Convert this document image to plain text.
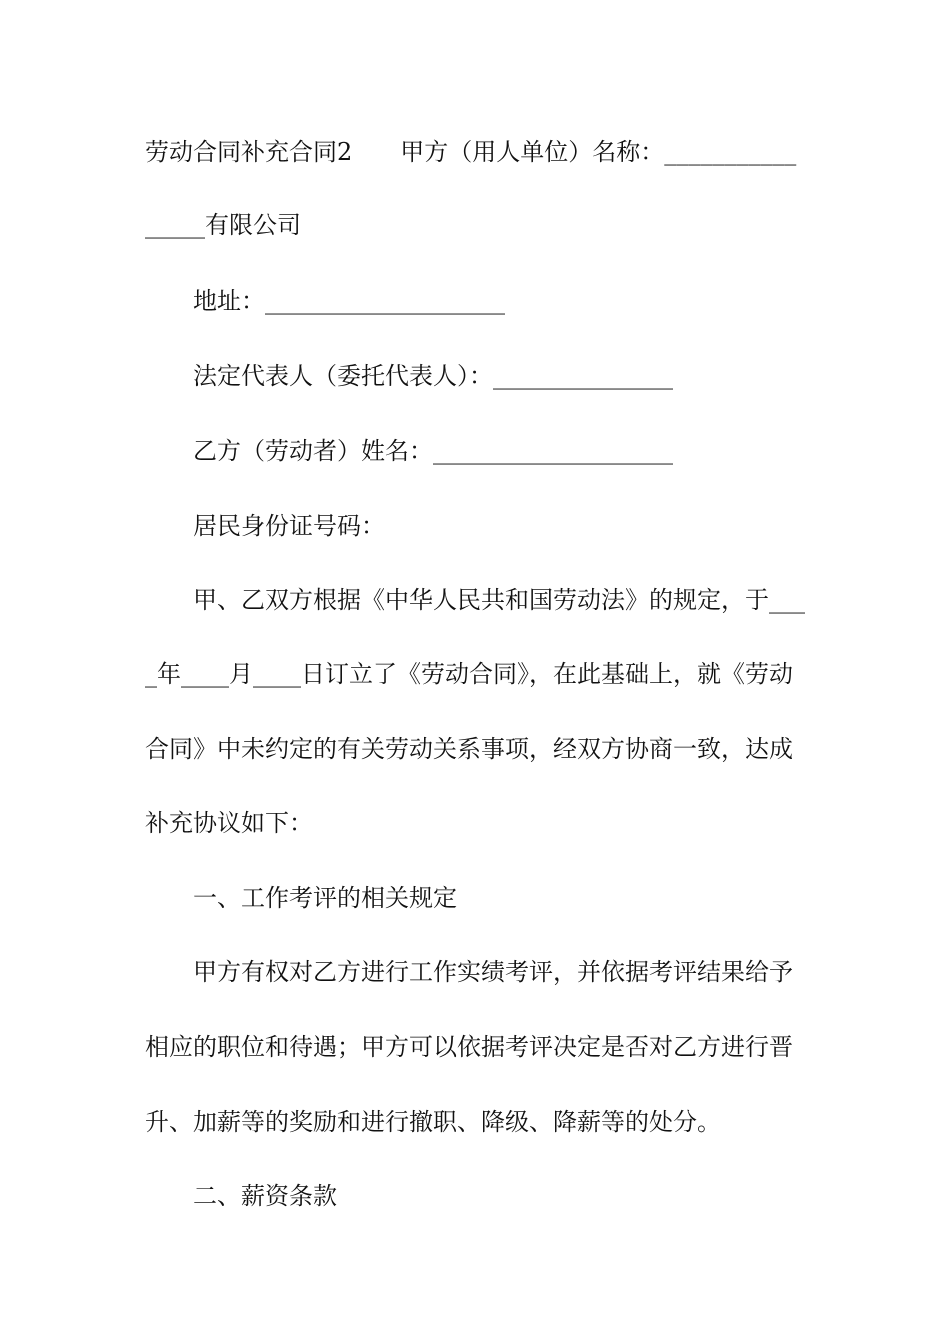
劳动合同补充合同2　　甲方（用人单位）名称：___________
_____有限公司
地址：____________________
法定代表人（委托代表人）：_______________
乙方（劳动者）姓名：____________________
居民身份证号码：
甲、乙双方根据《中华人民共和国劳动法》的规定，于___
_年____月____日订立了《劳动合同》，在此基础上，就《劳动
合同》中未约定的有关劳动关系事项，经双方协商一致，达成
补充协议如下：
一、工作考评的相关规定
甲方有权对乙方进行工作实绩考评，并依据考评结果给予
相应的职位和待遇；甲方可以依据考评决定是否对乙方进行晋
升、加薪等的奖励和进行撤职、降级、降薪等的处分。
二、薪资条款
